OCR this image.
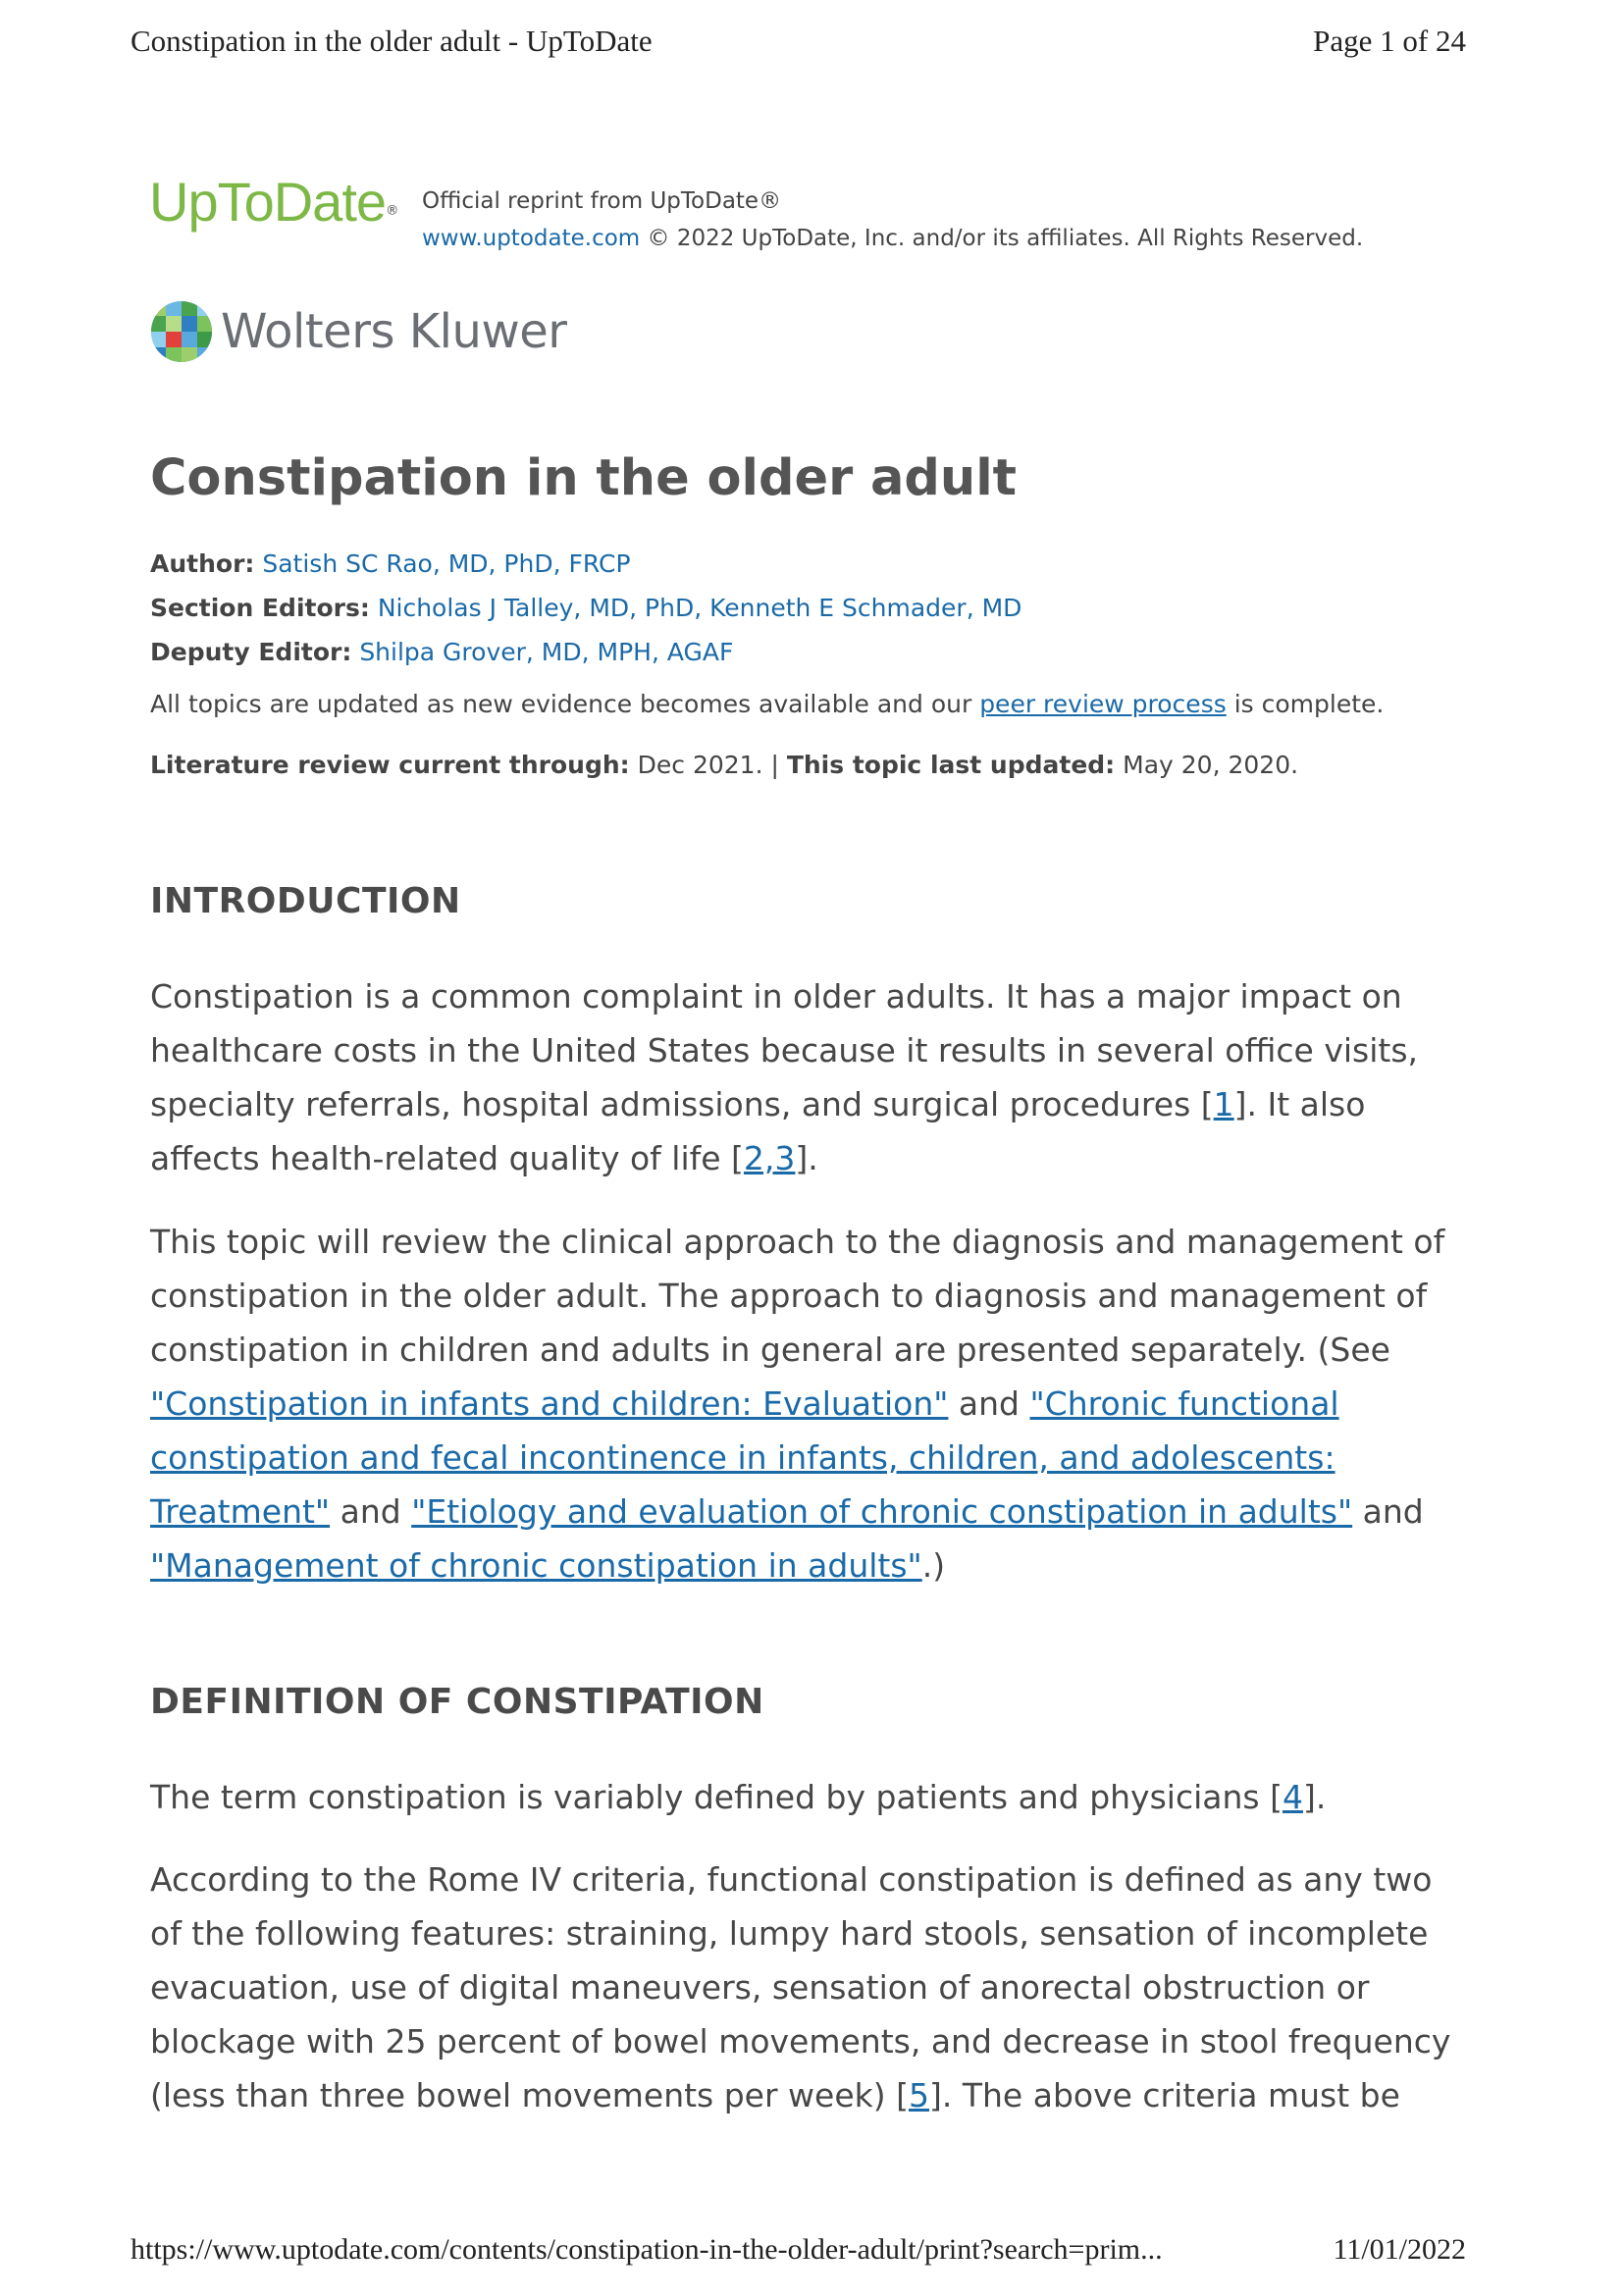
Constipation in the older adult - UpToDate	Page 1 of 24
UpToDate® Official reprint from UpToDate®
www.uptodate.com © 2022 UpToDate, Inc. and/or its affiliates. All Rights Reserved.
Wolters Kluwer
Constipation in the older adult
Author: Satish SC Rao, MD, PhD, FRCP
Section Editors: Nicholas J Talley, MD, PhD, Kenneth E Schmader, MD
Deputy Editor: Shilpa Grover, MD, MPH, AGAF
All topics are updated as new evidence becomes available and our peer review process is complete.
Literature review current through: Dec 2021. | This topic last updated: May 20, 2020.
INTRODUCTION

Constipation is a common complaint in older adults. It has a major impact on healthcare costs in the United States because it results in several office visits, specialty referrals, hospital admissions, and surgical procedures [1]. It also affects health-related quality of life [2,3].

This topic will review the clinical approach to the diagnosis and management of constipation in the older adult. The approach to diagnosis and management of constipation in children and adults in general are presented separately. (See "Constipation in infants and children: Evaluation" and "Chronic functional constipation and fecal incontinence in infants, children, and adolescents: Treatment" and "Etiology and evaluation of chronic constipation in adults" and "Management of chronic constipation in adults".)

DEFINITION OF CONSTIPATION

The term constipation is variably defined by patients and physicians [4].

According to the Rome IV criteria, functional constipation is defined as any two of the following features: straining, lumpy hard stools, sensation of incomplete evacuation, use of digital maneuvers, sensation of anorectal obstruction or blockage with 25 percent of bowel movements, and decrease in stool frequency (less than three bowel movements per week) [5]. The above criteria must be

https://www.uptodate.com/contents/constipation-in-the-older-adult/print?search=prim...	11/01/2022
